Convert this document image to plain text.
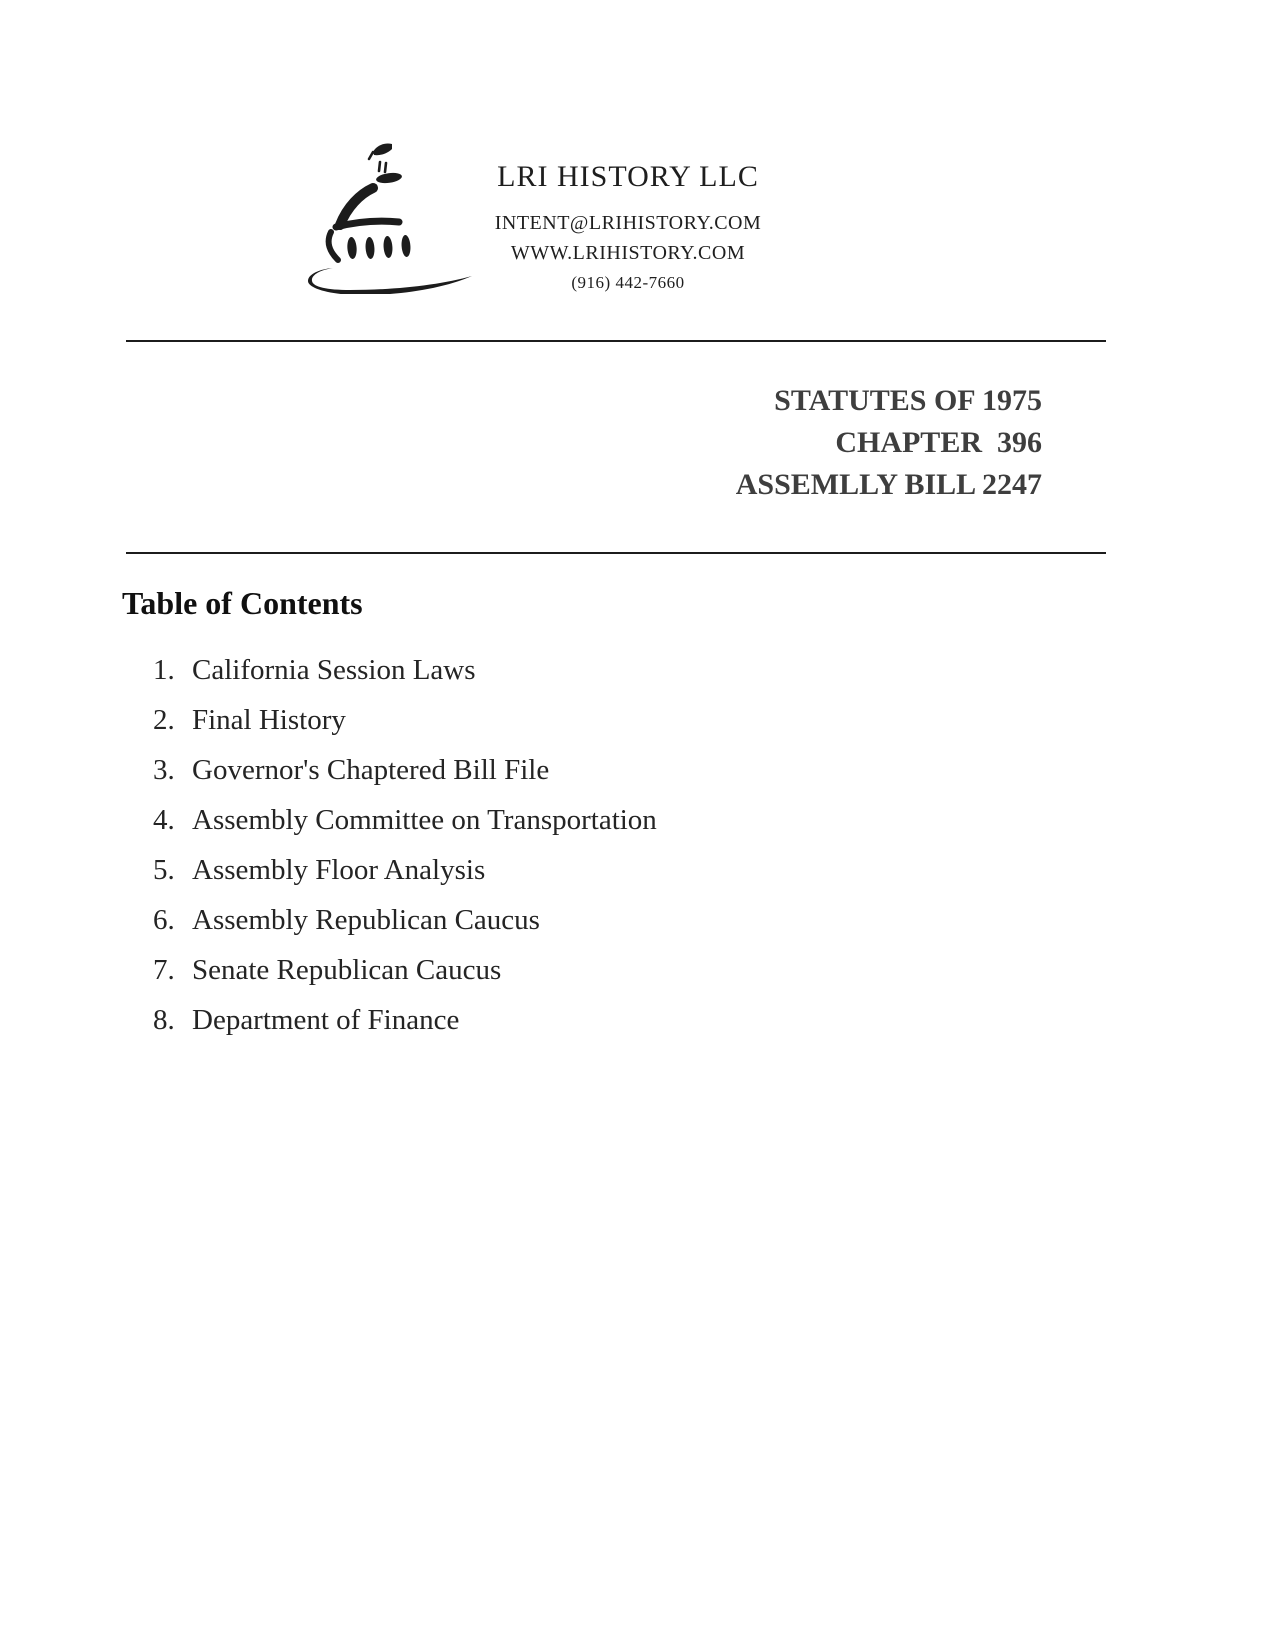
LRI HISTORY LLC
INTENT@LRIHISTORY.COM
WWW.LRIHISTORY.COM
(916) 442-7660
STATUTES OF 1975
CHAPTER  396
ASSEMLLY BILL 2247
Table of Contents
1. California Session Laws
2. Final History
3. Governor's Chaptered Bill File
4. Assembly Committee on Transportation
5. Assembly Floor Analysis
6. Assembly Republican Caucus
7. Senate Republican Caucus
8. Department of Finance
